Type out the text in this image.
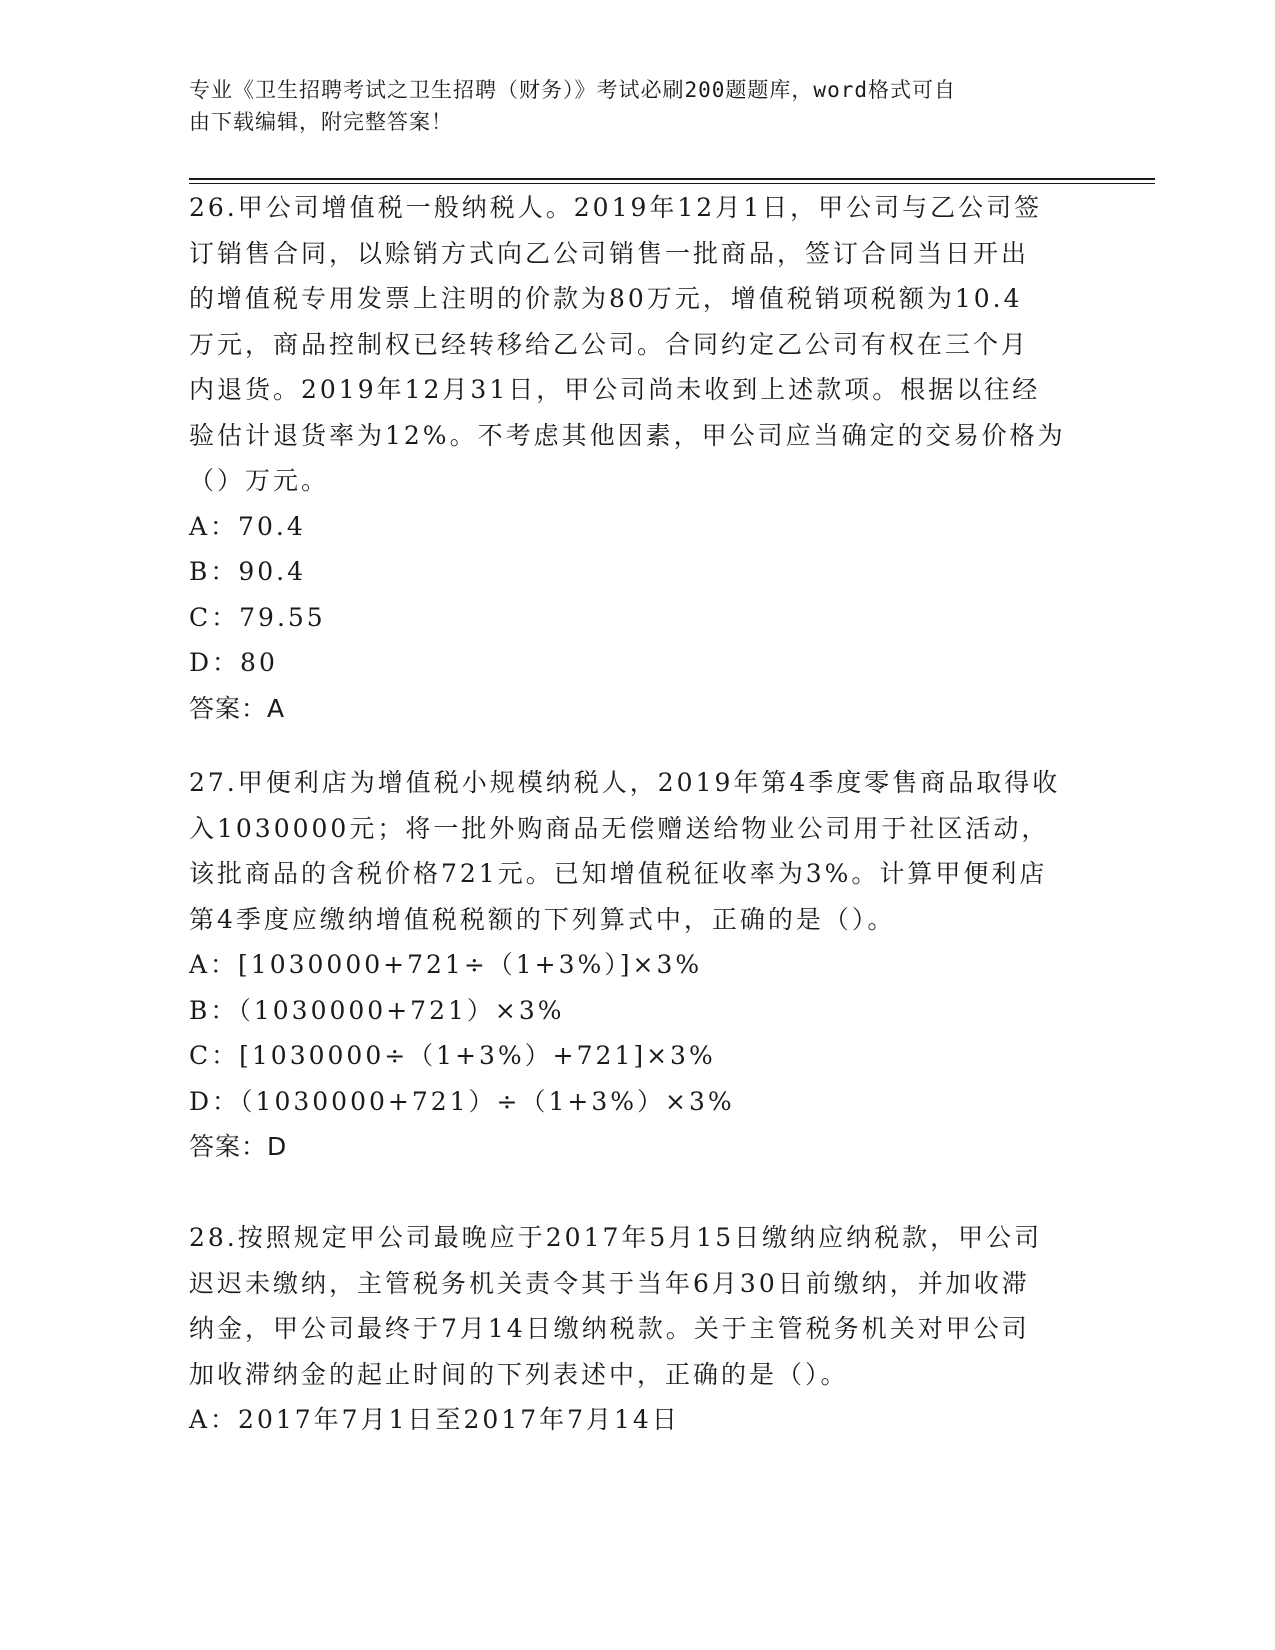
专业《卫生招聘考试之卫生招聘（财务）》考试必刷200题题库，word格式可自
由下载编辑，附完整答案！

26.甲公司增值税一般纳税人。2019年12月1日，甲公司与乙公司签

订销售合同，以赊销方式向乙公司销售一批商品，签订合同当日开出

的增值税专用发票上注明的价款为80万元，增值税销项税额为10.4

万元，商品控制权已经转移给乙公司。合同约定乙公司有权在三个月

内退货。2019年12月31日，甲公司尚未收到上述款项。根据以往经

验估计退货率为12%。不考虑其他因素，甲公司应当确定的交易价格为

（）万元。

A：70.4

B：90.4

C：79.55

D：80

答案：A

27.甲便利店为增值税小规模纳税人，2019年第4季度零售商品取得收

入1030000元；将一批外购商品无偿赠送给物业公司用于社区活动，

该批商品的含税价格721元。已知增值税征收率为3%。计算甲便利店

第4季度应缴纳增值税税额的下列算式中，正确的是（）。

A：[1030000+721÷（1+3%）]×3%

B：（1030000+721）×3%

C：[1030000÷（1+3%）+721]×3%

D：（1030000+721）÷（1+3%）×3%

答案：D

28.按照规定甲公司最晚应于2017年5月15日缴纳应纳税款，甲公司

迟迟未缴纳，主管税务机关责令其于当年6月30日前缴纳，并加收滞

纳金，甲公司最终于7月14日缴纳税款。关于主管税务机关对甲公司

加收滞纳金的起止时间的下列表述中，正确的是（）。

A：2017年7月1日至2017年7月14日
